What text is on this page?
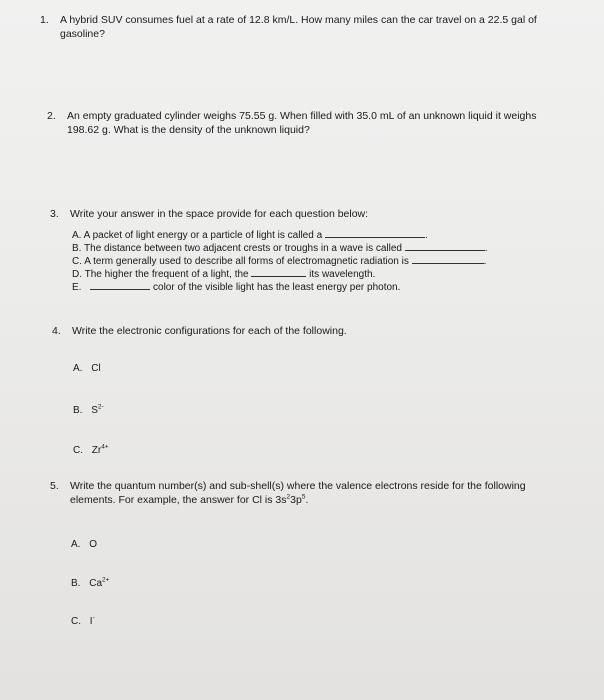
1. A hybrid SUV consumes fuel at a rate of 12.8 km/L. How many miles can the car travel on a 22.5 gal of gasoline?
2. An empty graduated cylinder weighs 75.55 g. When filled with 35.0 mL of an unknown liquid it weighs 198.62 g. What is the density of the unknown liquid?
3. Write your answer in the space provide for each question below:
A. A packet of light energy or a particle of light is called a	.
B. The distance between two adjacent crests or troughs in a wave is called	.
C. A term generally used to describe all forms of electromagnetic radiation is	.
D. The higher the frequent of a light, the	its wavelength.
E.	color of the visible light has the least energy per photon.
4. Write the electronic configurations for each of the following.
A. Cl
B. $S^{2-}$
C. $Zr^{4+}$
5. Write the quantum number(s) and sub-shell(s) where the valence electrons reside for the following elements. For example, the answer for Cl is $3s^23p^5$.
A. O
B. $Ca^{2+}$
C. I-
